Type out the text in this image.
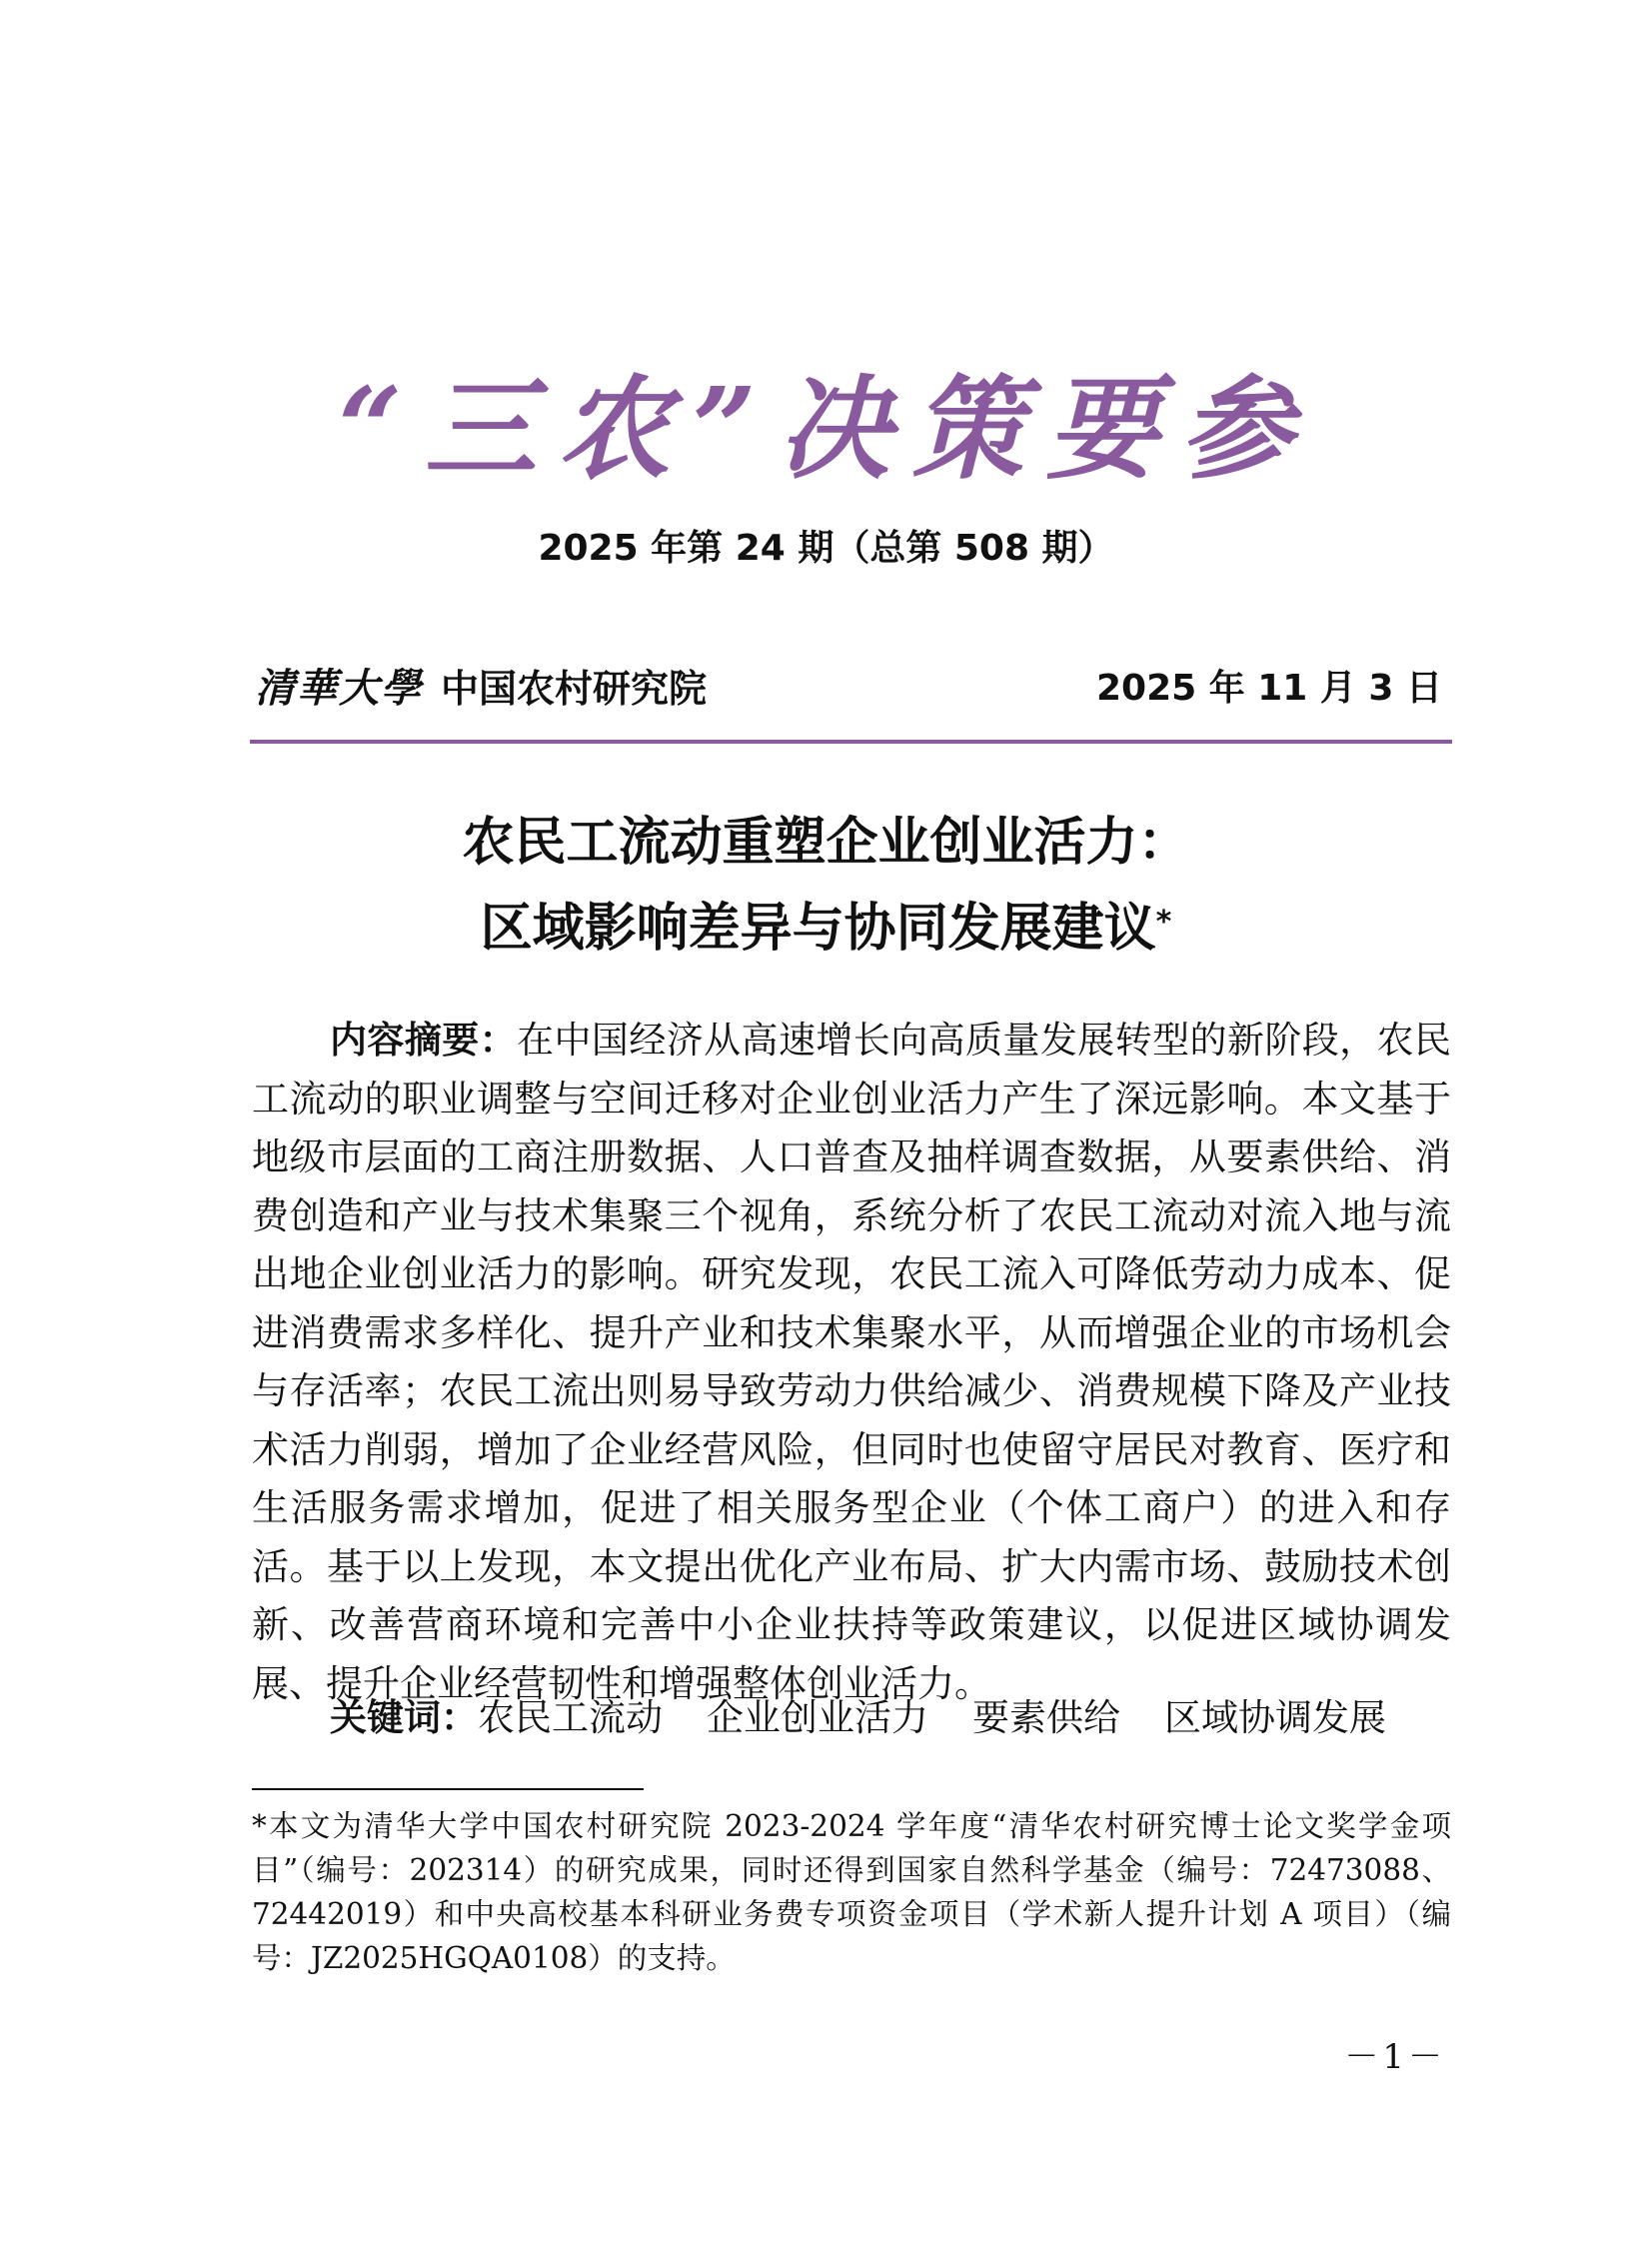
“三农”决策要参
2025 年第 24 期（总第 508 期）
清華大學 中国农村研究院	2025 年 11 月 3 日
农民工流动重塑企业创业活力：
区域影响差异与协同发展建议*
内容摘要：在中国经济从高速增长向高质量发展转型的新阶段，农民工流动的职业调整与空间迁移对企业创业活力产生了深远影响。本文基于地级市层面的工商注册数据、人口普查及抽样调查数据，从要素供给、消费创造和产业与技术集聚三个视角，系统分析了农民工流动对流入地与流出地企业创业活力的影响。研究发现，农民工流入可降低劳动力成本、促进消费需求多样化、提升产业和技术集聚水平，从而增强企业的市场机会与存活率；农民工流出则易导致劳动力供给减少、消费规模下降及产业技术活力削弱，增加了企业经营风险，但同时也使留守居民对教育、医疗和生活服务需求增加，促进了相关服务型企业（个体工商户）的进入和存活。基于以上发现，本文提出优化产业布局、扩大内需市场、鼓励技术创新、改善营商环境和完善中小企业扶持等政策建议，以促进区域协调发展、提升企业经营韧性和增强整体创业活力。
关键词：农民工流动 企业创业活力 要素供给 区域协调发展
*本文为清华大学中国农村研究院 2023-2024 学年度“清华农村研究博士论文奖学金项目”（编号：202314）的研究成果，同时还得到国家自然科学基金（编号：72473088、72442019）和中央高校基本科研业务费专项资金项目（学术新人提升计划 A 项目）（编号：JZ2025HGQA0108）的支持。
－1－
